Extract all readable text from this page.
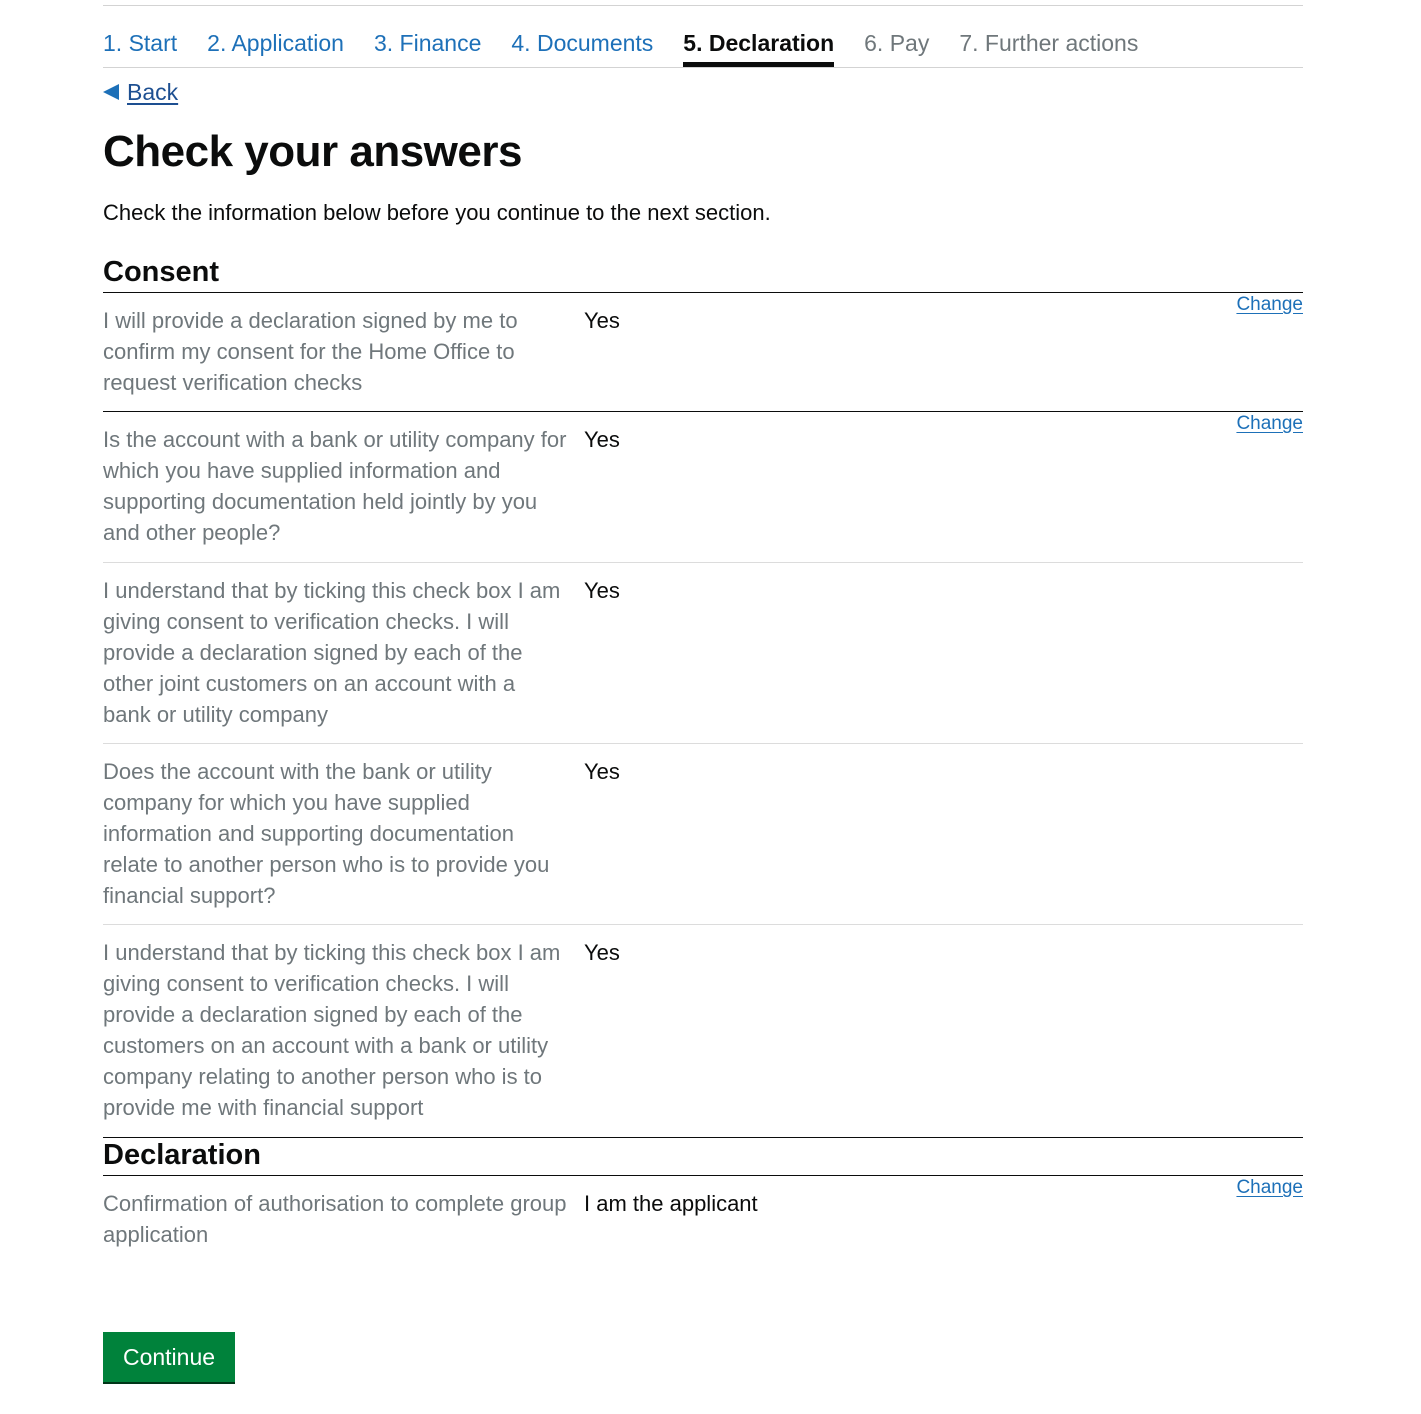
1. Start 2. Application 3. Finance 4. Documents 5. Declaration 6. Pay 7. Further actions
Back
Check your answers

Check the information below before you continue to the next section.

Consent
I will provide a declaration signed by me to confirm my consent for the Home Office to request verification checks
Yes
Change
Is the account with a bank or utility company for which you have supplied information and supporting documentation held jointly by you and other people?
Yes
Change
I understand that by ticking this check box I am giving consent to verification checks. I will provide a declaration signed by each of the other joint customers on an account with a bank or utility company
Yes
Does the account with the bank or utility company for which you have supplied information and supporting documentation relate to another person who is to provide you financial support?
Yes
I understand that by ticking this check box I am giving consent to verification checks. I will provide a declaration signed by each of the customers on an account with a bank or utility company relating to another person who is to provide me with financial support
Yes
Declaration
Confirmation of authorisation to complete group application
I am the applicant
Change
Continue
